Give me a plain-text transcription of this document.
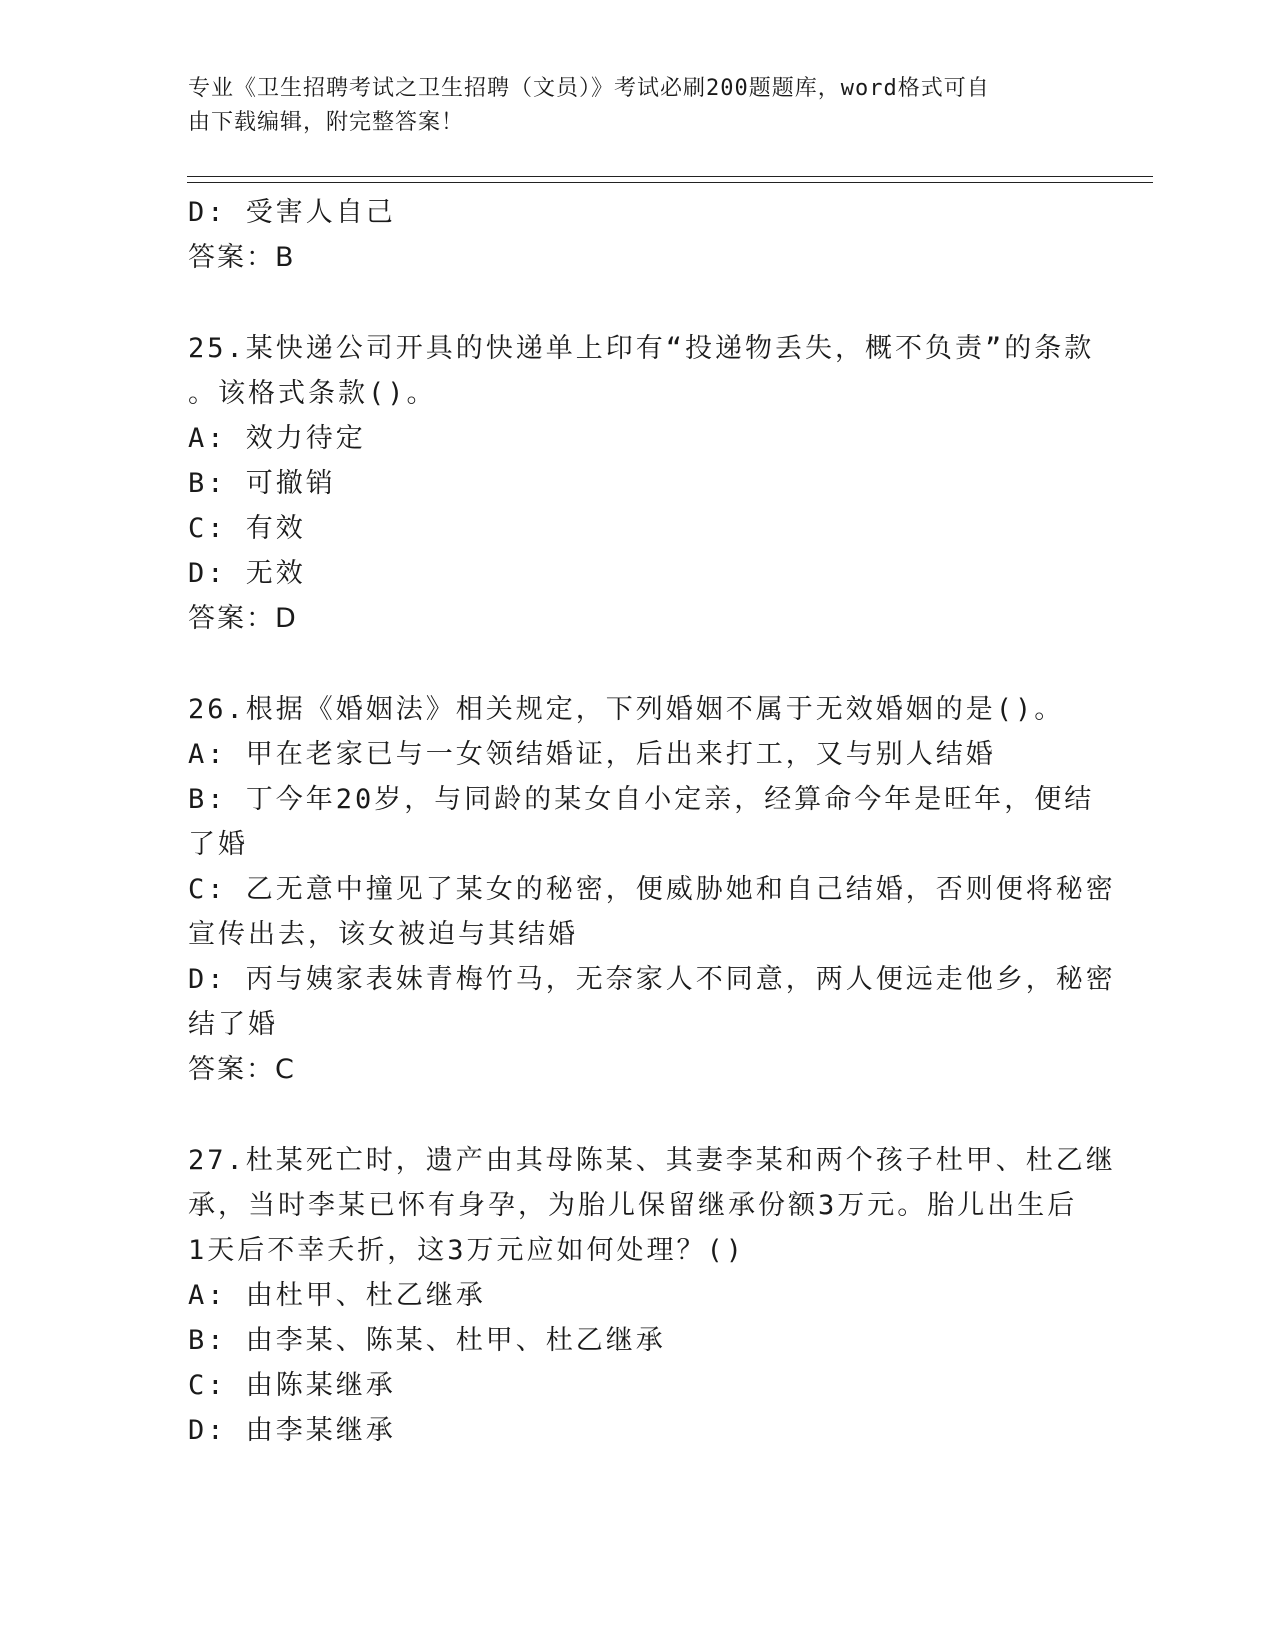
专业《卫生招聘考试之卫生招聘（文员）》考试必刷200题题库，word格式可自
由下载编辑，附完整答案！
D: 受害人自己
答案：B
25.某快递公司开具的快递单上印有“投递物丢失，概不负责”的条款
。该格式条款()。
A: 效力待定
B: 可撤销
C: 有效
D: 无效
答案：D
26.根据《婚姻法》相关规定，下列婚姻不属于无效婚姻的是()。
A: 甲在老家已与一女领结婚证，后出来打工，又与别人结婚
B: 丁今年20岁，与同龄的某女自小定亲，经算命今年是旺年，便结
了婚
C: 乙无意中撞见了某女的秘密，便威胁她和自己结婚，否则便将秘密
宣传出去，该女被迫与其结婚
D: 丙与姨家表妹青梅竹马，无奈家人不同意，两人便远走他乡，秘密
结了婚
答案：C
27.杜某死亡时，遗产由其母陈某、其妻李某和两个孩子杜甲、杜乙继
承，当时李某已怀有身孕，为胎儿保留继承份额3万元。胎儿出生后
1天后不幸夭折，这3万元应如何处理？()
A: 由杜甲、杜乙继承
B: 由李某、陈某、杜甲、杜乙继承
C: 由陈某继承
D: 由李某继承
